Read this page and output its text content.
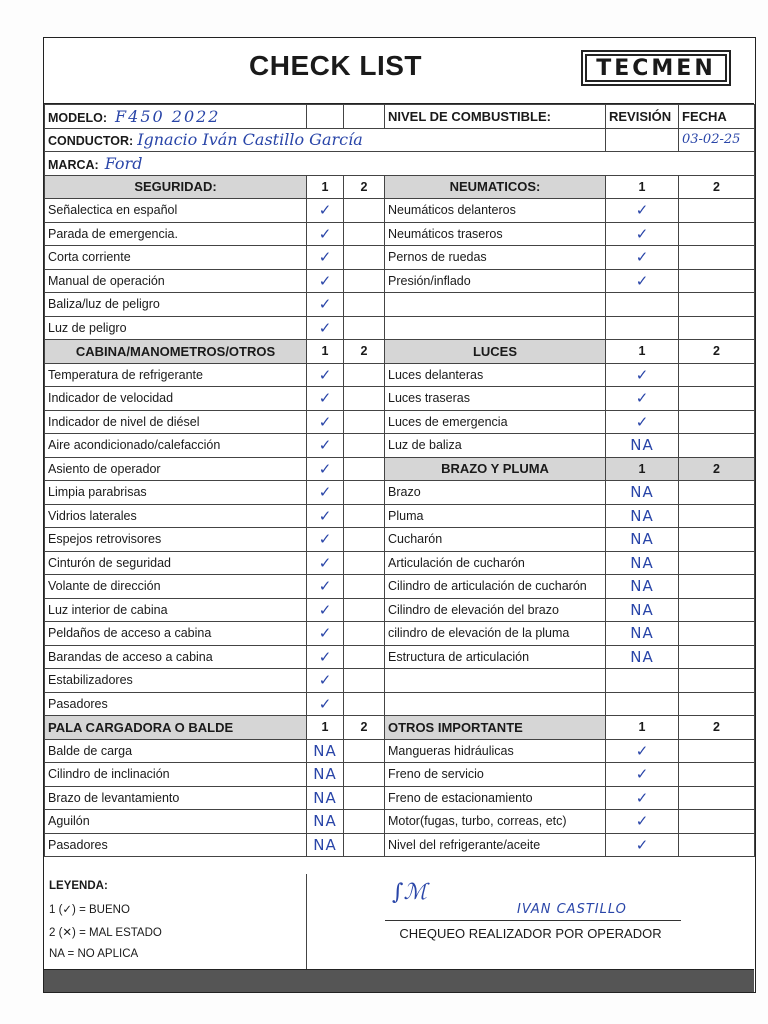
CHECK LIST	TECMEN
MODELO: F450 2022			NIVEL DE COMBUSTIBLE:	REVISIÓN	FECHA
CONDUCTOR: Ignacio Iván Castillo García					03-02-25
MARCA: Ford					
SEGURIDAD:	1	2	NEUMATICOS:	1	2
Señalectica en español	✓		Neumáticos delanteros	✓	

Parada de emergencia.	✓		Neumáticos traseros	✓	

Corta corriente	✓		Pernos de ruedas	✓	

Manual de operación	✓		Presión/inflado	✓	

Baliza/luz de peligro	✓				

Luz de peligro	✓				

CABINA/MANOMETROS/OTROS	1	2	LUCES	1	2
Temperatura de refrigerante	✓		Luces delanteras	✓	

Indicador de velocidad	✓		Luces traseras	✓	

Indicador de nivel de diésel	✓		Luces de emergencia	✓	

Aire acondicionado/calefacción	✓		Luz de baliza	NA	

Asiento de operador	✓		BRAZO Y PLUMA	1	2
Limpia parabrisas	✓		Brazo	NA	

Vidrios laterales	✓		Pluma	NA	

Espejos retrovisores	✓		Cucharón	NA	

Cinturón de seguridad	✓		Articulación de cucharón	NA	

Volante de dirección	✓		Cilindro de articulación de cucharón	NA	

Luz interior de cabina	✓		Cilindro de elevación del brazo	NA	

Peldaños de acceso a cabina	✓		cilindro de elevación de la pluma	NA	

Barandas de acceso a cabina	✓		Estructura de articulación	NA	

Estabilizadores	✓				

Pasadores	✓				

PALA CARGADORA O BALDE	1	2	OTROS IMPORTANTE	1	2
Balde de carga	NA		Mangueras hidráulicas	✓	

Cilindro de inclinación	NA		Freno de servicio	✓	

Brazo de levantamiento	NA		Freno de estacionamiento	✓	

Aguilón	NA		Motor(fugas, turbo, correas, etc)	✓	

Pasadores	NA		Nivel del refrigerante/aceite	✓	

LEYENDA:
1 (✓) = BUENO
2 (✕) = MAL ESTADO
NA = NO APLICA
∫ℳ
IVAN CASTILLO
CHEQUEO REALIZADOR POR OPERADOR
